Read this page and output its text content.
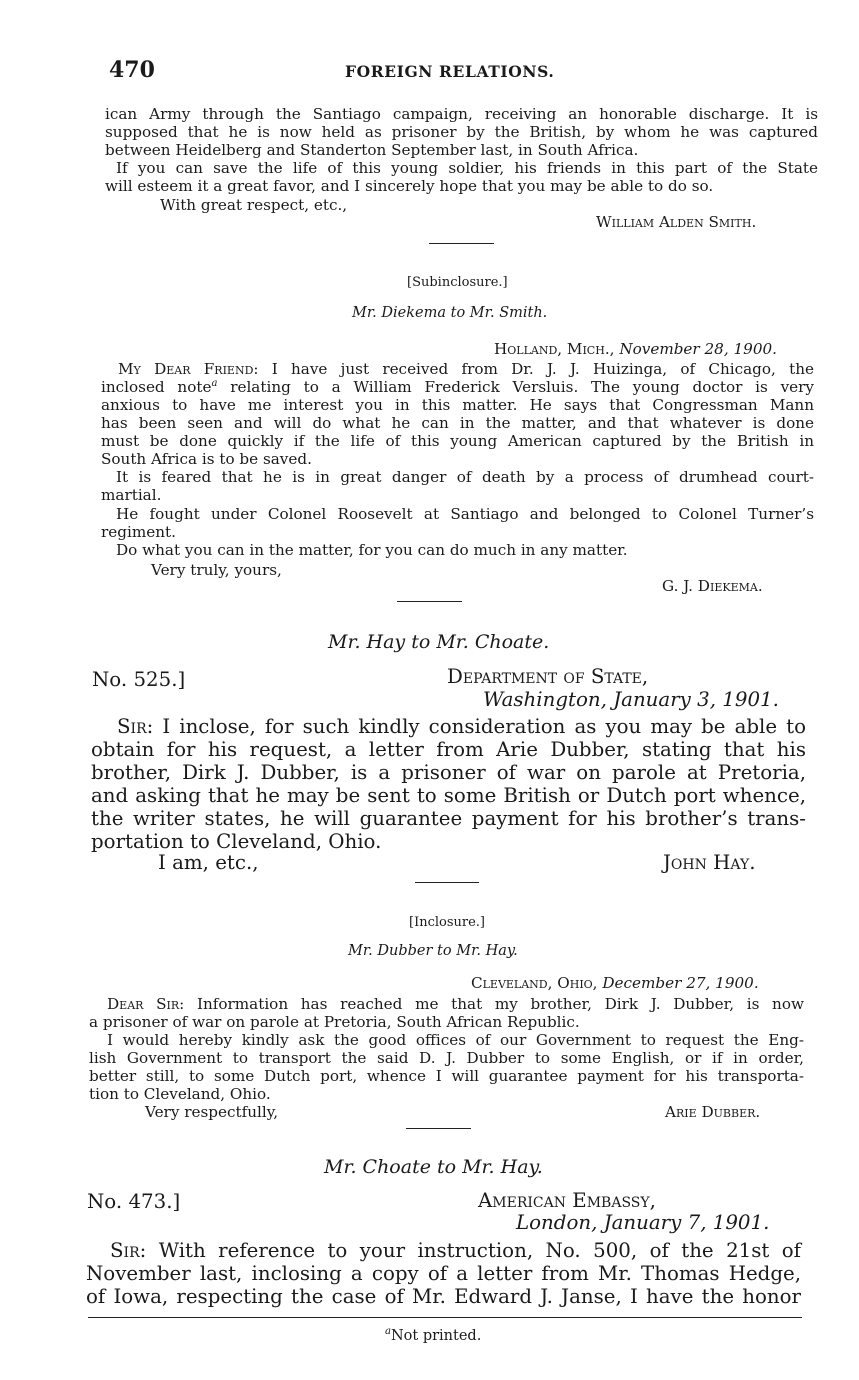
470	FOREIGN RELATIONS.
ican Army through the Santiago campaign, receiving an honorable discharge. It is
supposed that he is now held as prisoner by the British, by whom he was captured
between Heidelberg and Standerton September last, in South Africa.
If you can save the life of this young soldier, his friends in this part of the State
will esteem it a great favor, and I sincerely hope that you may be able to do so.
With great respect, etc.,
William Alden Smith.
[Subinclosure.]
Mr. Diekema to Mr. Smith.
Holland, Mich., November 28, 1900.
My Dear Friend: I have just received from Dr. J. J. Huizinga, of Chicago, the
inclosed note$^a$ relating to a William Frederick Versluis. The young doctor is very
anxious to have me interest you in this matter. He says that Congressman Mann
has been seen and will do what he can in the matter, and that whatever is done
must be done quickly if the life of this young American captured by the British in
South Africa is to be saved.
It is feared that he is in great danger of death by a process of drumhead court-
martial.
He fought under Colonel Roosevelt at Santiago and belonged to Colonel Turner’s
regiment.
Do what you can in the matter, for you can do much in any matter.
Very truly, yours,
G. J. Diekema.
Mr. Hay to Mr. Choate.
No. 525.]	Department of State,
Washington, January 3, 1901.
Sir: I inclose, for such kindly consideration as you may be able to
obtain for his request, a letter from Arie Dubber, stating that his
brother, Dirk J. Dubber, is a prisoner of war on parole at Pretoria,
and asking that he may be sent to some British or Dutch port whence,
the writer states, he will guarantee payment for his brother’s trans-
portation to Cleveland, Ohio.
I am, etc.,	John Hay.
[Inclosure.]
Mr. Dubber to Mr. Hay.
Cleveland, Ohio, December 27, 1900.
Dear Sir: Information has reached me that my brother, Dirk J. Dubber, is now
a prisoner of war on parole at Pretoria, South African Republic.
I would hereby kindly ask the good offices of our Government to request the Eng-
lish Government to transport the said D. J. Dubber to some English, or if in order,
better still, to some Dutch port, whence I will guarantee payment for his transporta-
tion to Cleveland, Ohio.
Very respectfully,	Arie Dubber.
Mr. Choate to Mr. Hay.
No. 473.]	American Embassy,
London, January 7, 1901.
Sir: With reference to your instruction, No. 500, of the 21st of
November last, inclosing a copy of a letter from Mr. Thomas Hedge,
of Iowa, respecting the case of Mr. Edward J. Janse, I have the honor
$^a$Not printed.
